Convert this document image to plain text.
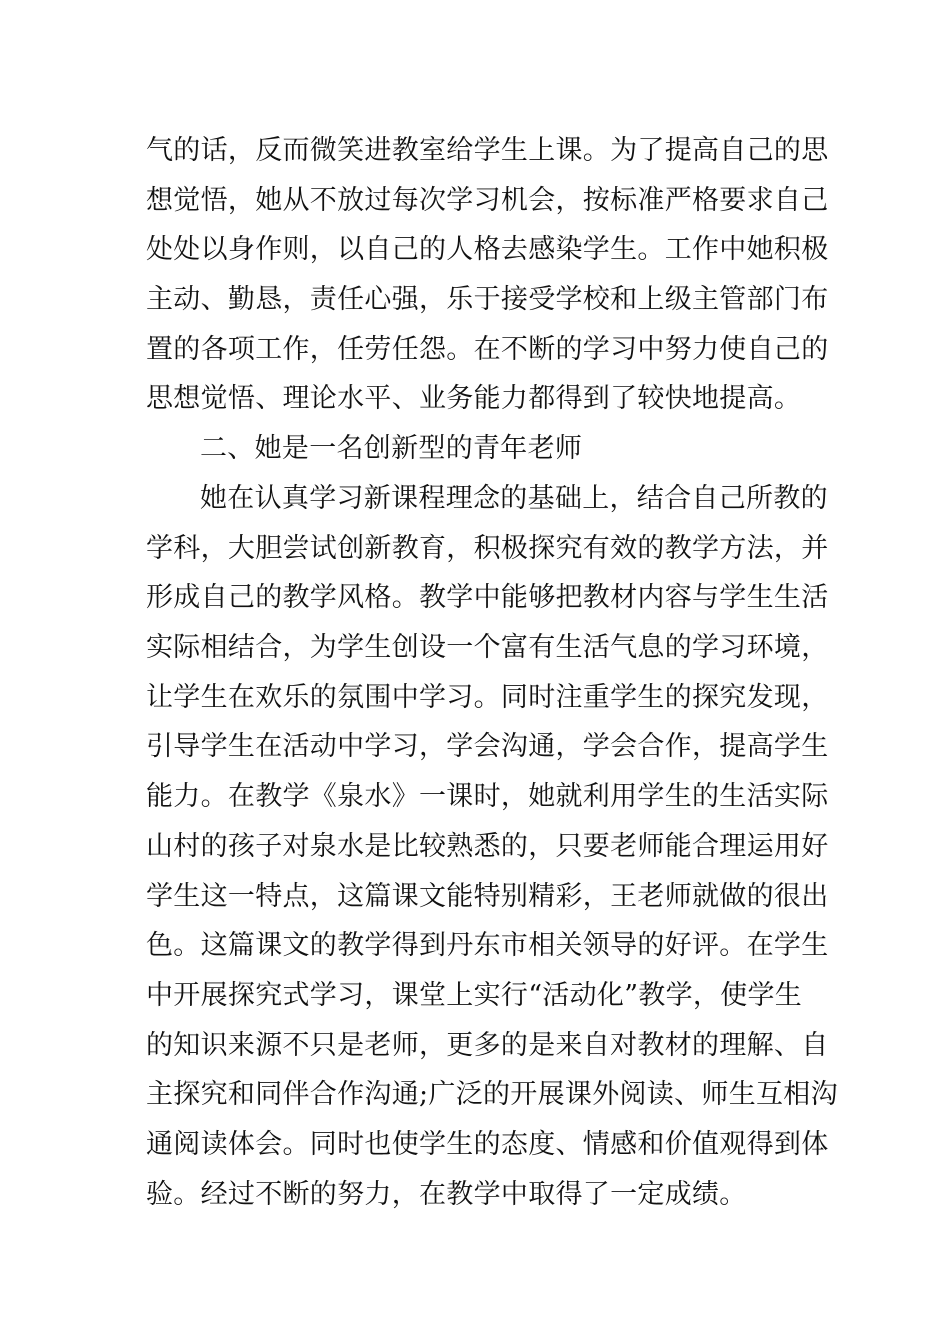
气的话，反而微笑进教室给学生上课。为了提高自己的思
想觉悟，她从不放过每次学习机会，按标准严格要求自己
处处以身作则，以自己的人格去感染学生。工作中她积极
主动、勤恳，责任心强，乐于接受学校和上级主管部门布
置的各项工作，任劳任怨。在不断的学习中努力使自己的
思想觉悟、理论水平、业务能力都得到了较快地提高。
二、她是一名创新型的青年老师
她在认真学习新课程理念的基础上，结合自己所教的
学科，大胆尝试创新教育，积极探究有效的教学方法，并
形成自己的教学风格。教学中能够把教材内容与学生生活
实际相结合，为学生创设一个富有生活气息的学习环境，
让学生在欢乐的氛围中学习。同时注重学生的探究发现，
引导学生在活动中学习，学会沟通，学会合作，提高学生
能力。在教学《泉水》一课时，她就利用学生的生活实际
山村的孩子对泉水是比较熟悉的，只要老师能合理运用好
学生这一特点，这篇课文能特别精彩，王老师就做的很出
色。这篇课文的教学得到丹东市相关领导的好评。在学生
中开展探究式学习，课堂上实行“活动化”教学，使学生
的知识来源不只是老师，更多的是来自对教材的理解、自
主探究和同伴合作沟通;广泛的开展课外阅读、师生互相沟
通阅读体会。同时也使学生的态度、情感和价值观得到体
验。经过不断的努力，在教学中取得了一定成绩。
